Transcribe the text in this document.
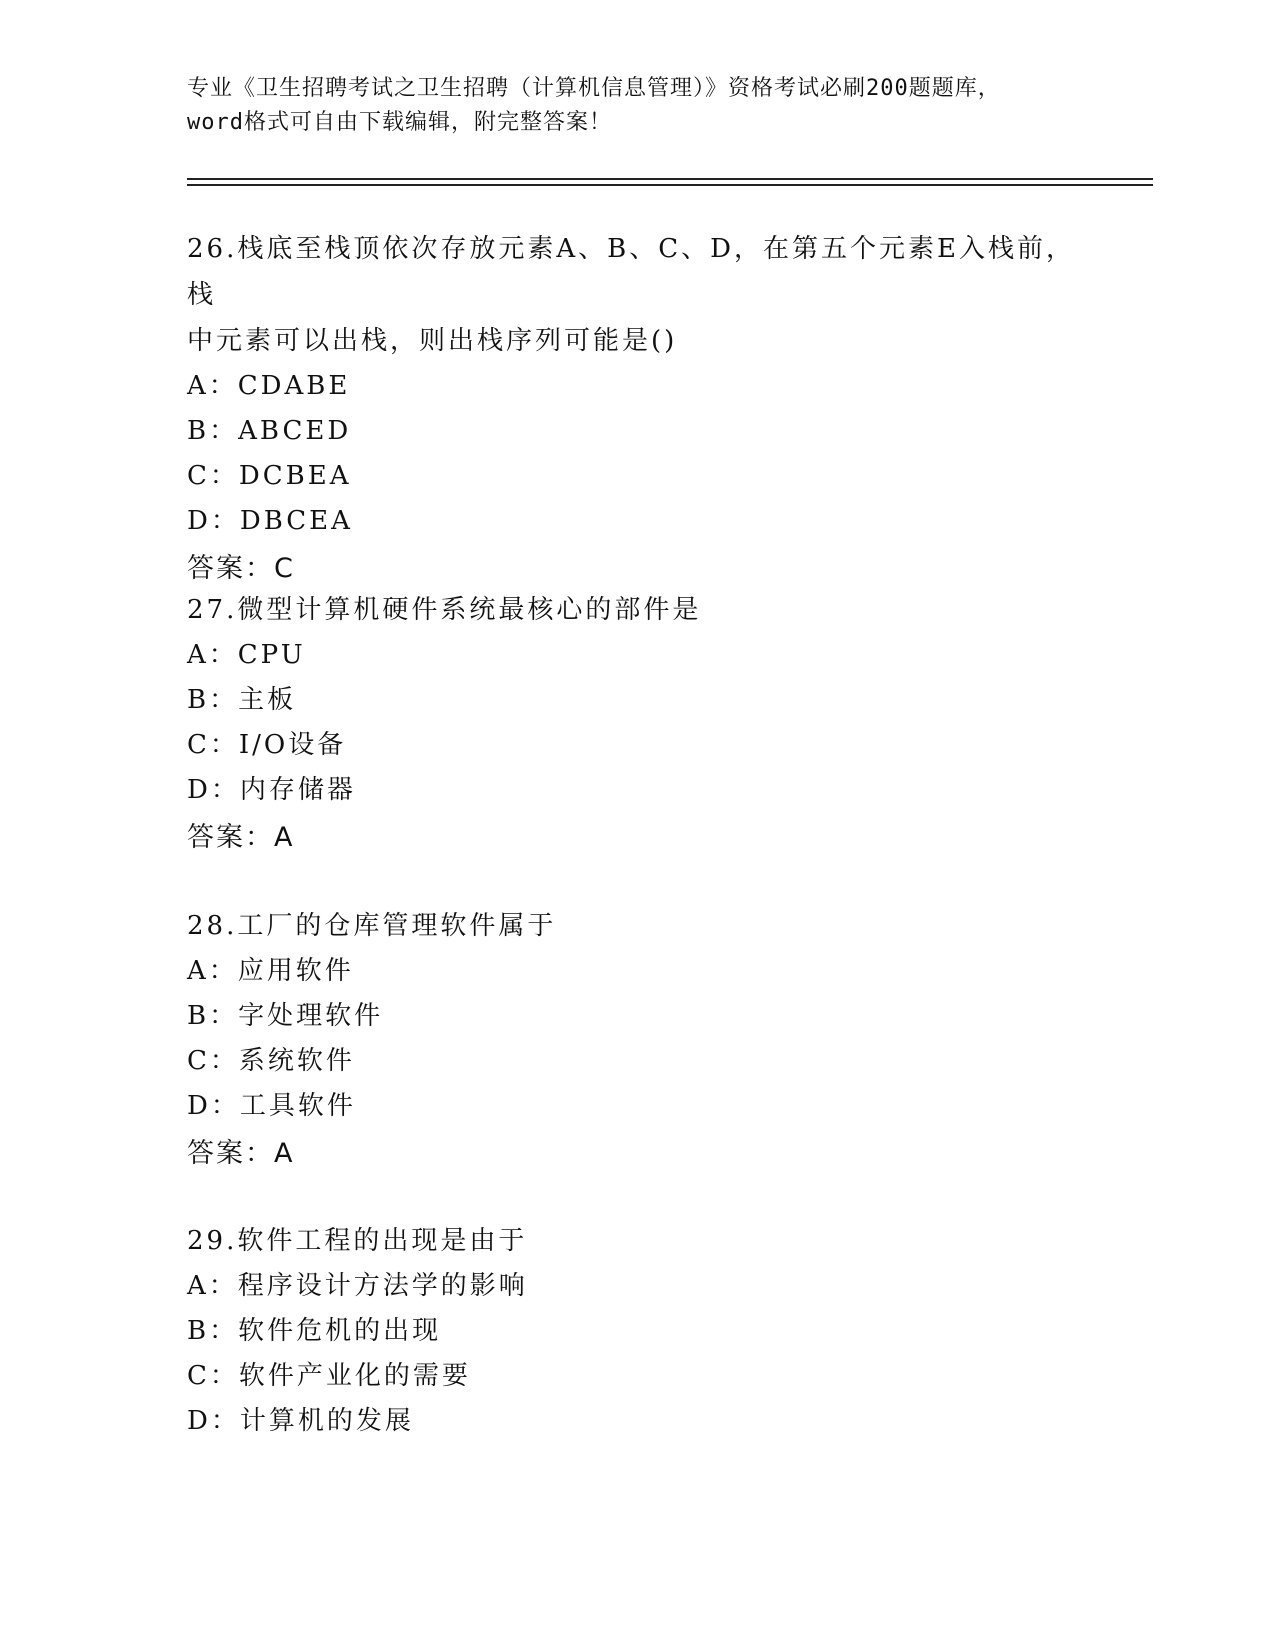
专业《卫生招聘考试之卫生招聘（计算机信息管理）》资格考试必刷200题题库，
word格式可自由下载编辑，附完整答案！
26.栈底至栈顶依次存放元素A、B、C、D，在第五个元素E入栈前，栈
中元素可以出栈，则出栈序列可能是()
A：CDABE
B：ABCED
C：DCBEA
D：DBCEA
答案：C
27.微型计算机硬件系统最核心的部件是
A：CPU
B：主板
C：I/O设备
D：内存储器
答案：A
28.工厂的仓库管理软件属于
A：应用软件
B：字处理软件
C：系统软件
D：工具软件
答案：A
29.软件工程的出现是由于
A：程序设计方法学的影响
B：软件危机的出现
C：软件产业化的需要
D：计算机的发展
